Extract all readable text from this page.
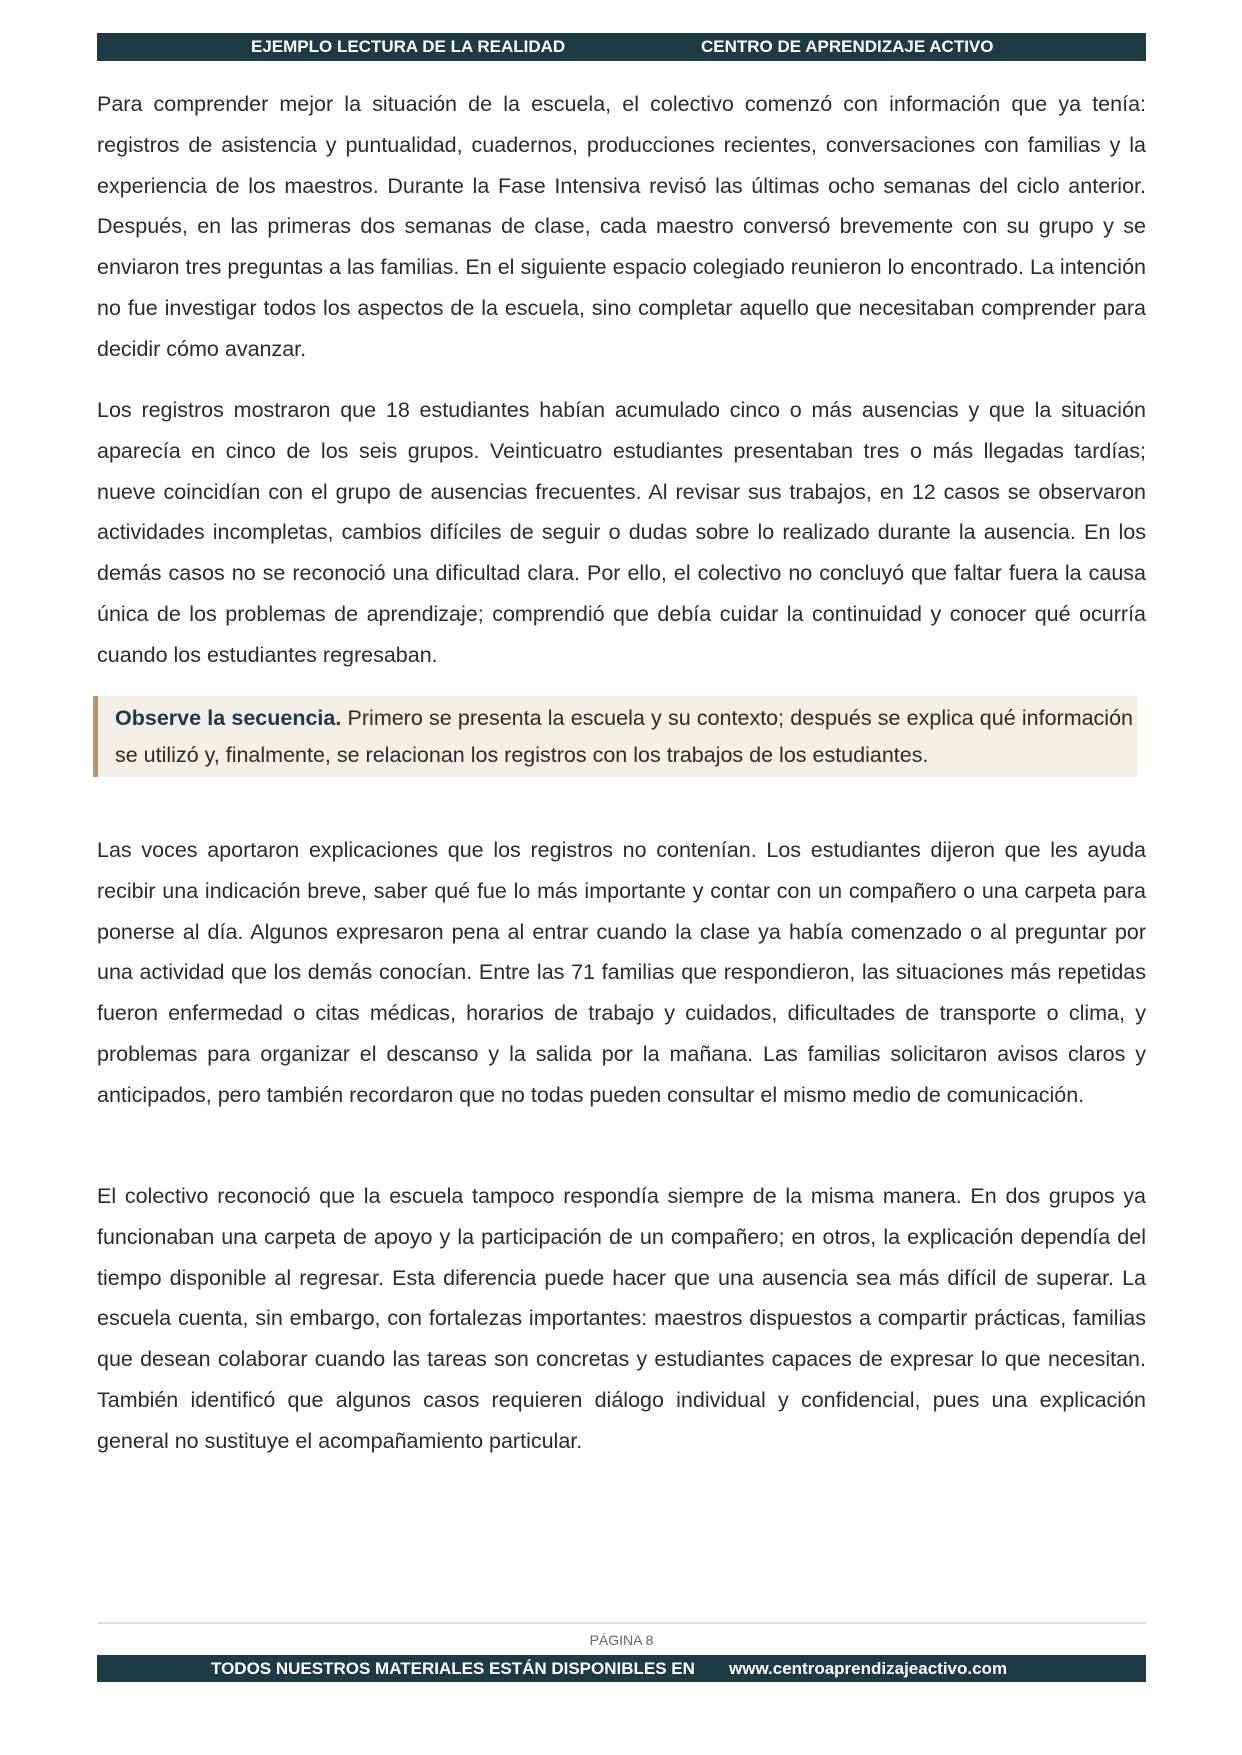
EJEMPLO LECTURA DE LA REALIDAD	CENTRO DE APRENDIZAJE ACTIVO

Para comprender mejor la situación de la escuela, el colectivo comenzó con información que ya tenía: registros de asistencia y puntualidad, cuadernos, producciones recientes, conversaciones con familias y la experiencia de los maestros. Durante la Fase Intensiva revisó las últimas ocho semanas del ciclo anterior. Después, en las primeras dos semanas de clase, cada maestro conversó brevemente con su grupo y se enviaron tres preguntas a las familias. En el siguiente espacio colegiado reunieron lo encontrado. La intención no fue investigar todos los aspectos de la escuela, sino completar aquello que necesitaban comprender para decidir cómo avanzar.

Los registros mostraron que 18 estudiantes habían acumulado cinco o más ausencias y que la situación aparecía en cinco de los seis grupos. Veinticuatro estudiantes presentaban tres o más llegadas tardías; nueve coincidían con el grupo de ausencias frecuentes. Al revisar sus trabajos, en 12 casos se observaron actividades incompletas, cambios difíciles de seguir o dudas sobre lo realizado durante la ausencia. En los demás casos no se reconoció una dificultad clara. Por ello, el colectivo no concluyó que faltar fuera la causa única de los problemas de aprendizaje; comprendió que debía cuidar la continuidad y conocer qué ocurría cuando los estudiantes regresaban.

Observe la secuencia. Primero se presenta la escuela y su contexto; después se explica qué información se utilizó y, finalmente, se relacionan los registros con los trabajos de los estudiantes.

Las voces aportaron explicaciones que los registros no contenían. Los estudiantes dijeron que les ayuda recibir una indicación breve, saber qué fue lo más importante y contar con un compañero o una carpeta para ponerse al día. Algunos expresaron pena al entrar cuando la clase ya había comenzado o al preguntar por una actividad que los demás conocían. Entre las 71 familias que respondieron, las situaciones más repetidas fueron enfermedad o citas médicas, horarios de trabajo y cuidados, dificultades de transporte o clima, y problemas para organizar el descanso y la salida por la mañana. Las familias solicitaron avisos claros y anticipados, pero también recordaron que no todas pueden consultar el mismo medio de comunicación.

El colectivo reconoció que la escuela tampoco respondía siempre de la misma manera. En dos grupos ya funcionaban una carpeta de apoyo y la participación de un compañero; en otros, la explicación dependía del tiempo disponible al regresar. Esta diferencia puede hacer que una ausencia sea más difícil de superar. La escuela cuenta, sin embargo, con fortalezas importantes: maestros dispuestos a compartir prácticas, familias que desean colaborar cuando las tareas son concretas y estudiantes capaces de expresar lo que necesitan. También identificó que algunos casos requieren diálogo individual y confidencial, pues una explicación general no sustituye el acompañamiento particular.

PÁGINA 8
TODOS NUESTROS MATERIALES ESTÁN DISPONIBLES EN www.centroaprendizajeactivo.com
